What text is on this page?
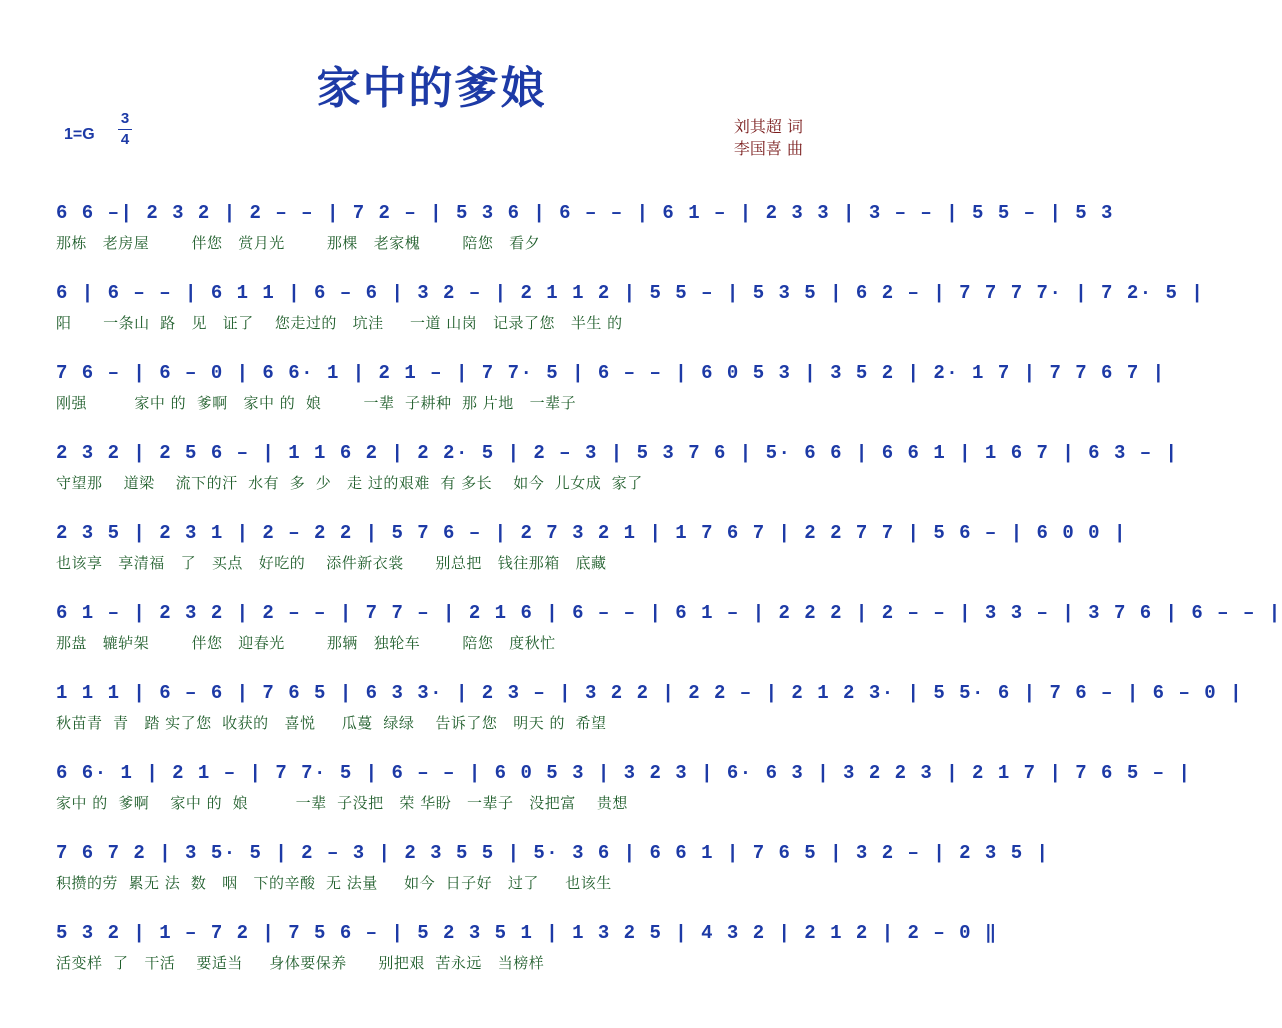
家中的爹娘
1=G
3
4
刘其超 词
李国喜 曲
6 6 –| 2 3 2 | 2 – – | 7 2 – | 5 3 6 | 6 – – | 6 1 – | 2 3 3 | 3 – – | 5 5 – | 5 3
那栋   老房屋        伴您   赏月光        那棵   老家槐        陪您   看夕
6 | 6 – – | 6 1 1 | 6 – 6 | 3 2 – | 2 1 1 2 | 5 5 – | 5 3 5 | 6 2 – | 7 7 7 7· | 7 2· 5 |
阳      一条山  路   见   证了    您走过的   坑洼     一道 山岗   记录了您   半生 的
7 6 – | 6 – 0 | 6 6· 1 | 2 1 – | 7 7· 5 | 6 – – | 6 0 5 3 | 3 5 2 | 2· 1 7 | 7 7 6 7 |
刚强         家中 的  爹啊   家中 的  娘        一辈  子耕种  那 片地   一辈子
2 3 2 | 2 5 6 – | 1 1 6 2 | 2 2· 5 | 2 – 3 | 5 3 7 6 | 5· 6 6 | 6 6 1 | 1 6 7 | 6 3 – |
守望那    道梁    流下的汗  水有  多  少   走 过的艰难  有 多长    如今  儿女成  家了
2 3 5 | 2 3 1 | 2 – 2 2 | 5 7 6 – | 2 7 3 2 1 | 1 7 6 7 | 2 2 7 7 | 5 6 – | 6 0 0 |
也该享   享清福   了   买点   好吃的    添件新衣裳      别总把   钱往那箱   底藏
6 1 – | 2 3 2 | 2 – – | 7 7 – | 2 1 6 | 6 – – | 6 1 – | 2 2 2 | 2 – – | 3 3 – | 3 7 6 | 6 – – |
那盘   辘轳架        伴您   迎春光        那辆   独轮车        陪您   度秋忙
1 1 1 | 6 – 6 | 7 6 5 | 6 3 3· | 2 3 – | 3 2 2 | 2 2 – | 2 1 2 3· | 5 5· 6 | 7 6 – | 6 – 0 |
秋苗青  青   踏 实了您  收获的   喜悦     瓜蔓  绿绿    告诉了您   明天 的  希望
6 6· 1 | 2 1 – | 7 7· 5 | 6 – – | 6 0 5 3 | 3 2 3 | 6· 6 3 | 3 2 2 3 | 2 1 7 | 7 6 5 – |
家中 的  爹啊    家中 的  娘         一辈  子没把   荣 华盼   一辈子   没把富    贵想
7 6 7 2 | 3 5· 5 | 2 – 3 | 2 3 5 5 | 5· 3 6 | 6 6 1 | 7 6 5 | 3 2 – | 2 3 5 |
积攒的劳  累无 法  数   咽   下的辛酸  无 法量     如今  日子好   过了     也该生
5 3 2 | 1 – 7 2 | 7 5 6 – | 5 2 3 5 1 | 1 3 2 5 | 4 3 2 | 2 1 2 | 2 – 0 ‖
活变样  了   干活    要适当     身体要保养      别把艰  苦永远   当榜样
